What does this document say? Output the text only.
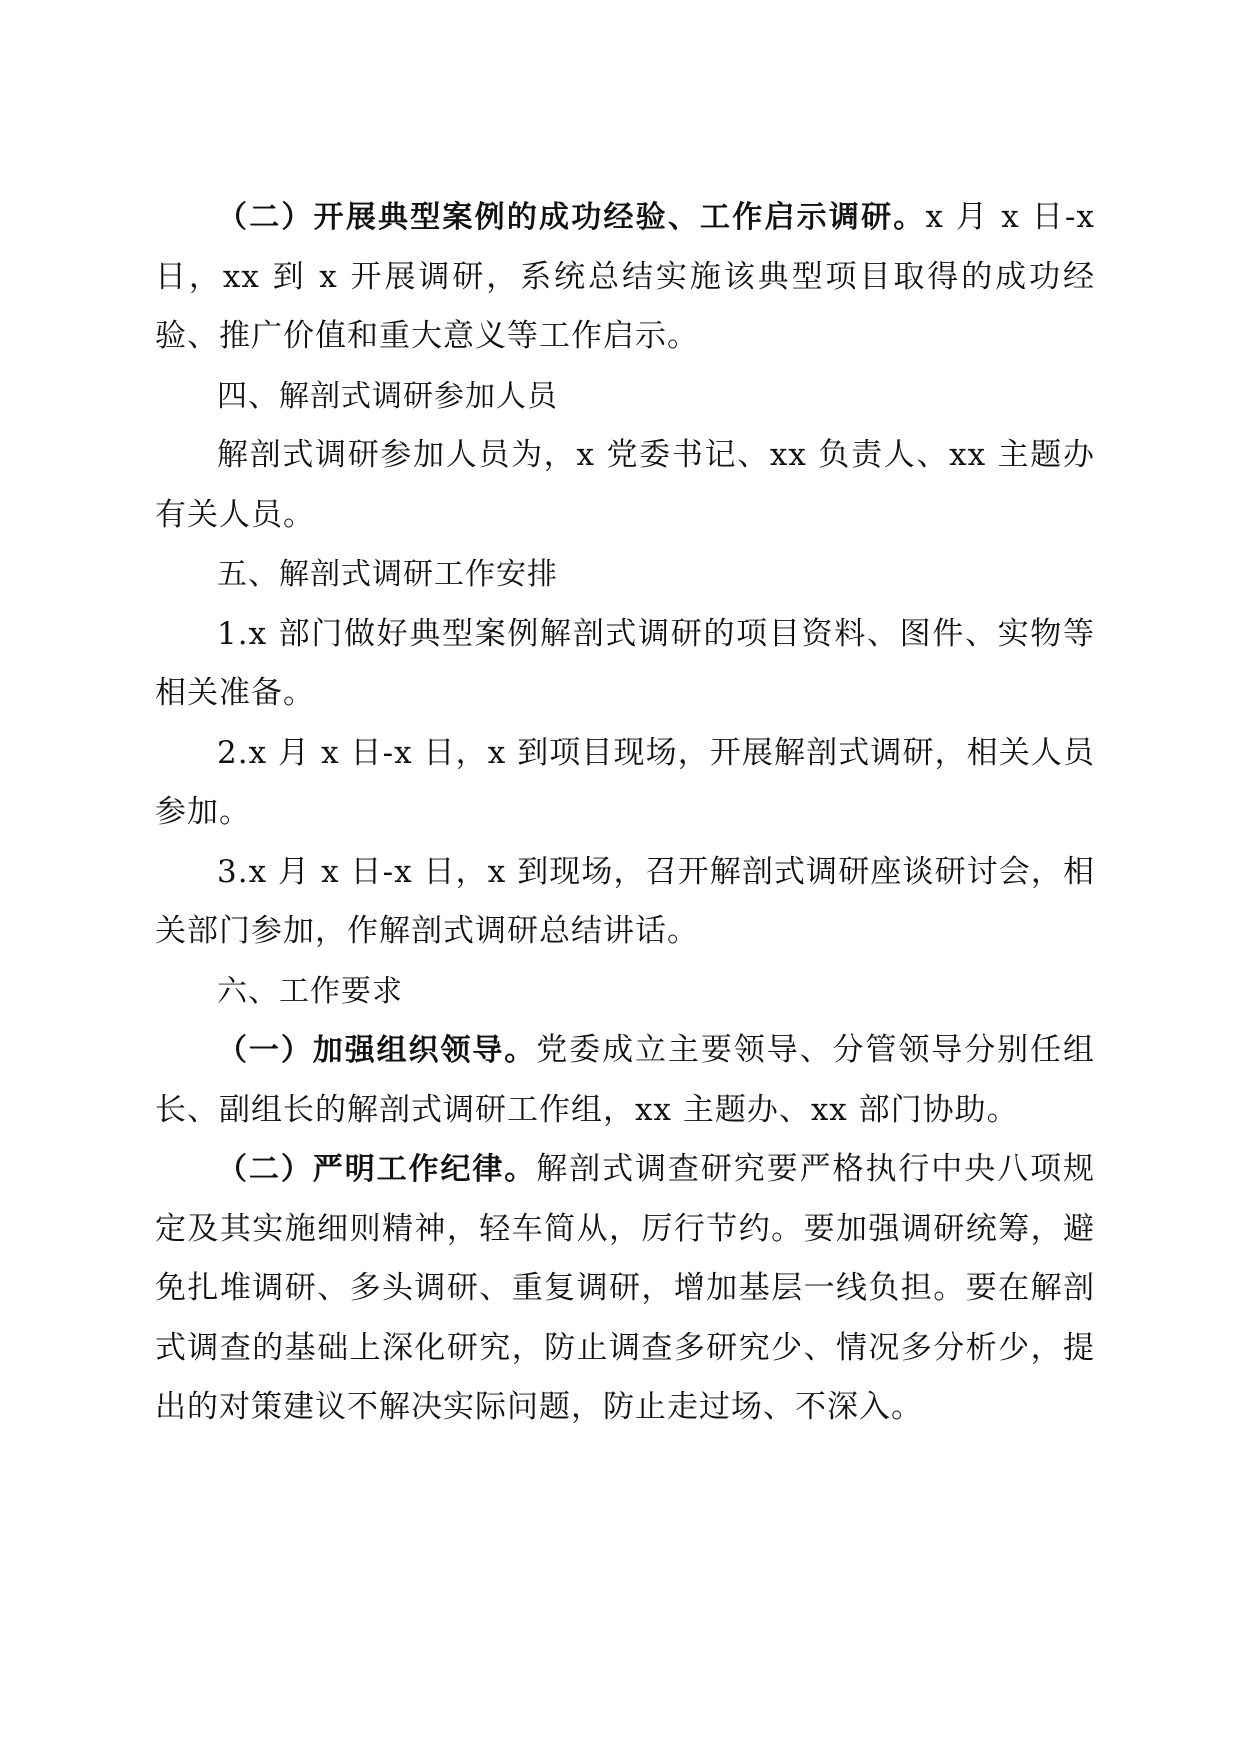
（二）开展典型案例的成功经验、工作启示调研。x 月 x 日-x 日，xx 到 x 开展调研，系统总结实施该典型项目取得的成功经验、推广价值和重大意义等工作启示。

四、解剖式调研参加人员

解剖式调研参加人员为，x 党委书记、xx 负责人、xx 主题办有关人员。

五、解剖式调研工作安排

1.x 部门做好典型案例解剖式调研的项目资料、图件、实物等相关准备。

2.x 月 x 日-x 日，x 到项目现场，开展解剖式调研，相关人员参加。

3.x 月 x 日-x 日，x 到现场，召开解剖式调研座谈研讨会，相关部门参加，作解剖式调研总结讲话。

六、工作要求

（一）加强组织领导。党委成立主要领导、分管领导分别任组长、副组长的解剖式调研工作组，xx 主题办、xx 部门协助。

（二）严明工作纪律。解剖式调查研究要严格执行中央八项规定及其实施细则精神，轻车简从，厉行节约。要加强调研统筹，避免扎堆调研、多头调研、重复调研，增加基层一线负担。要在解剖式调查的基础上深化研究，防止调查多研究少、情况多分析少，提出的对策建议不解决实际问题，防止走过场、不深入。
